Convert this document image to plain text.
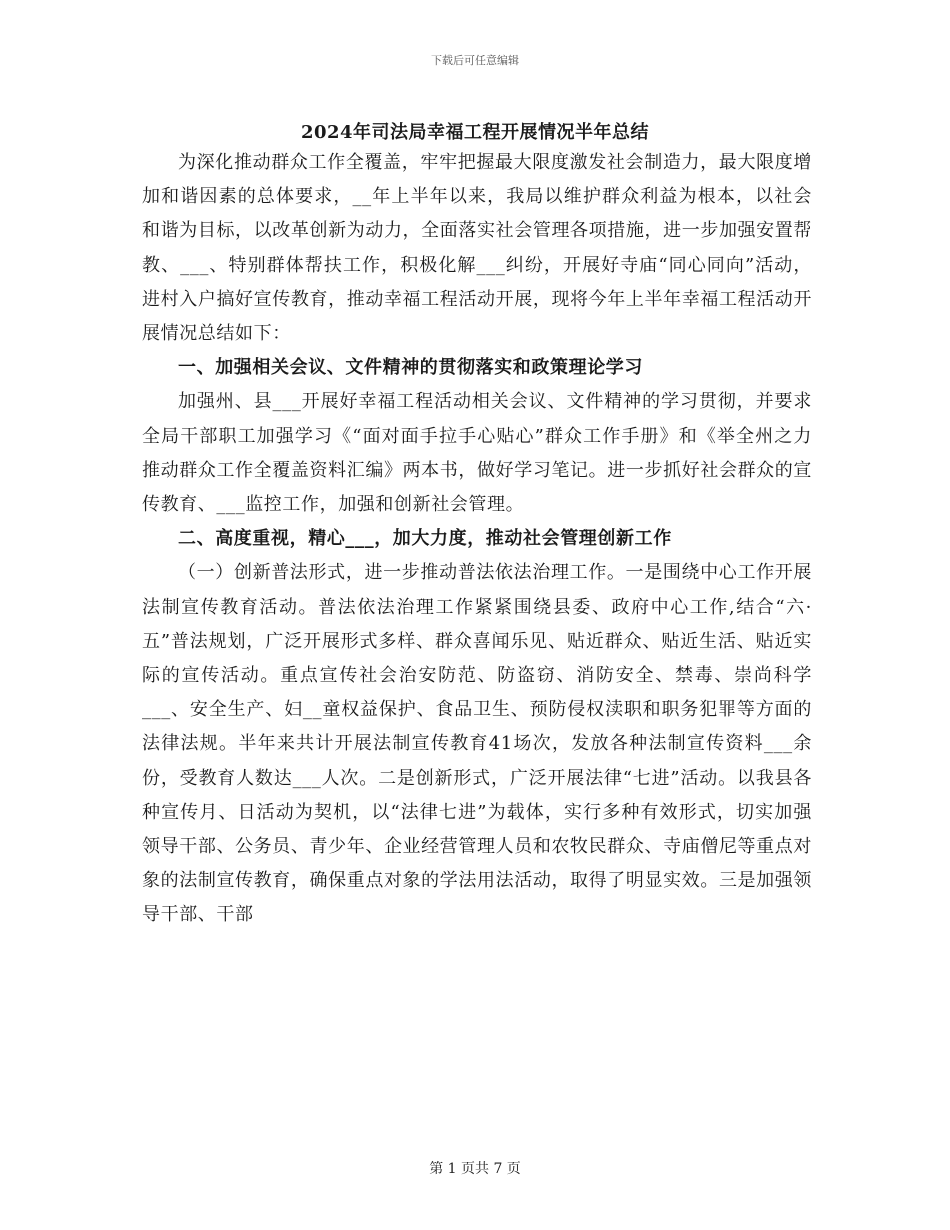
下载后可任意编辑
2024年司法局幸福工程开展情况半年总结

为深化推动群众工作全覆盖，牢牢把握最大限度激发社会制造力，最大限度增加和谐因素的总体要求，__年上半年以来，我局以维护群众利益为根本，以社会和谐为目标，以改革创新为动力，全面落实社会管理各项措施，进一步加强安置帮教、___、特别群体帮扶工作，积极化解___纠纷，开展好寺庙“同心同向”活动，进村入户搞好宣传教育，推动幸福工程活动开展，现将今年上半年幸福工程活动开展情况总结如下：

一、加强相关会议、文件精神的贯彻落实和政策理论学习

加强州、县___开展好幸福工程活动相关会议、文件精神的学习贯彻，并要求全局干部职工加强学习《“面对面手拉手心贴心”群众工作手册》和《举全州之力推动群众工作全覆盖资料汇编》两本书，做好学习笔记。进一步抓好社会群众的宣传教育、___监控工作，加强和创新社会管理。

二、高度重视，精心___，加大力度，推动社会管理创新工作

（一）创新普法形式，进一步推动普法依法治理工作。一是围绕中心工作开展法制宣传教育活动。普法依法治理工作紧紧围绕县委、政府中心工作,结合“六·五”普法规划，广泛开展形式多样、群众喜闻乐见、贴近群众、贴近生活、贴近实际的宣传活动。重点宣传社会治安防范、防盗窃、消防安全、禁毒、崇尚科学___、安全生产、妇__童权益保护、食品卫生、预防侵权渎职和职务犯罪等方面的法律法规。半年来共计开展法制宣传教育41场次，发放各种法制宣传资料___余份，受教育人数达___人次。二是创新形式，广泛开展法律“七进”活动。以我县各种宣传月、日活动为契机，以“法律七进”为载体，实行多种有效形式，切实加强领导干部、公务员、青少年、企业经营管理人员和农牧民群众、寺庙僧尼等重点对象的法制宣传教育，确保重点对象的学法用法活动，取得了明显实效。三是加强领导干部、干部

第 1 页共 7 页
